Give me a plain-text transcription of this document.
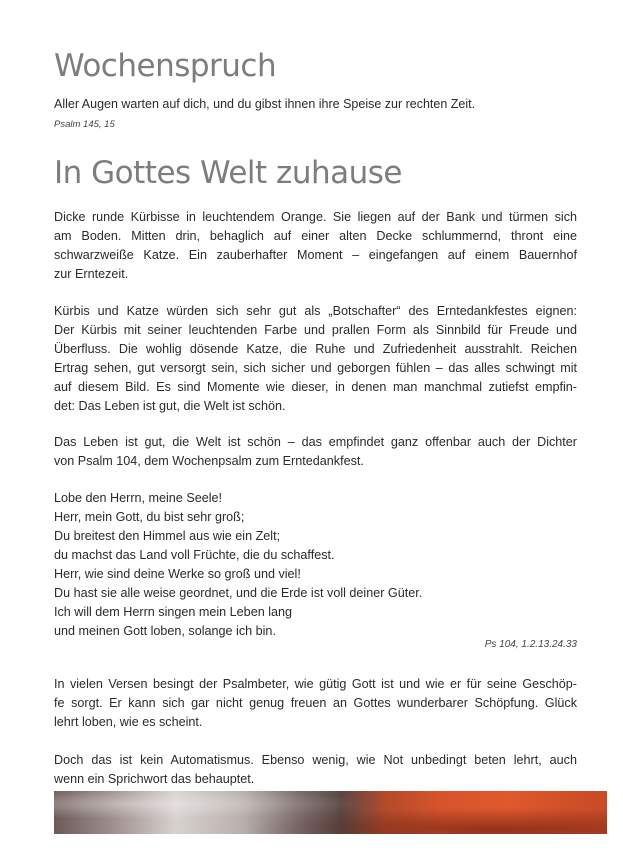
Wochenspruch
Aller Augen warten auf dich, und du gibst ihnen ihre Speise zur rechten Zeit.
Psalm 145, 15
In Gottes Welt zuhause
Dicke runde Kürbisse in leuchtendem Orange. Sie liegen auf der Bank und türmen sich
am Boden. Mitten drin, behaglich auf einer alten Decke schlummernd, thront eine
schwarzweiße Katze. Ein zauberhafter Moment – eingefangen auf einem Bauernhof
zur Erntezeit.
Kürbis und Katze würden sich sehr gut als „Botschafter“ des Erntedankfestes eignen:
Der Kürbis mit seiner leuchtenden Farbe und prallen Form als Sinnbild für Freude und
Überfluss. Die wohlig dösende Katze, die Ruhe und Zufriedenheit ausstrahlt. Reichen
Ertrag sehen, gut versorgt sein, sich sicher und geborgen fühlen – das alles schwingt mit
auf diesem Bild. Es sind Momente wie dieser, in denen man manchmal zutiefst empfin-
det: Das Leben ist gut, die Welt ist schön.
Das Leben ist gut, die Welt ist schön – das empfindet ganz offenbar auch der Dichter
von Psalm 104, dem Wochenpsalm zum Erntedankfest.
Lobe den Herrn, meine Seele!
Herr, mein Gott, du bist sehr groß;
Du breitest den Himmel aus wie ein Zelt;
du machst das Land voll Früchte, die du schaffest.
Herr, wie sind deine Werke so groß und viel!
Du hast sie alle weise geordnet, und die Erde ist voll deiner Güter.
Ich will dem Herrn singen mein Leben lang
und meinen Gott loben, solange ich bin.
Ps 104, 1.2.13.24.33
In vielen Versen besingt der Psalmbeter, wie gütig Gott ist und wie er für seine Geschöp-
fe sorgt. Er kann sich gar nicht genug freuen an Gottes wunderbarer Schöpfung. Glück
lehrt loben, wie es scheint.
Doch das ist kein Automatismus. Ebenso wenig, wie Not unbedingt beten lehrt, auch
wenn ein Sprichwort das behauptet.
